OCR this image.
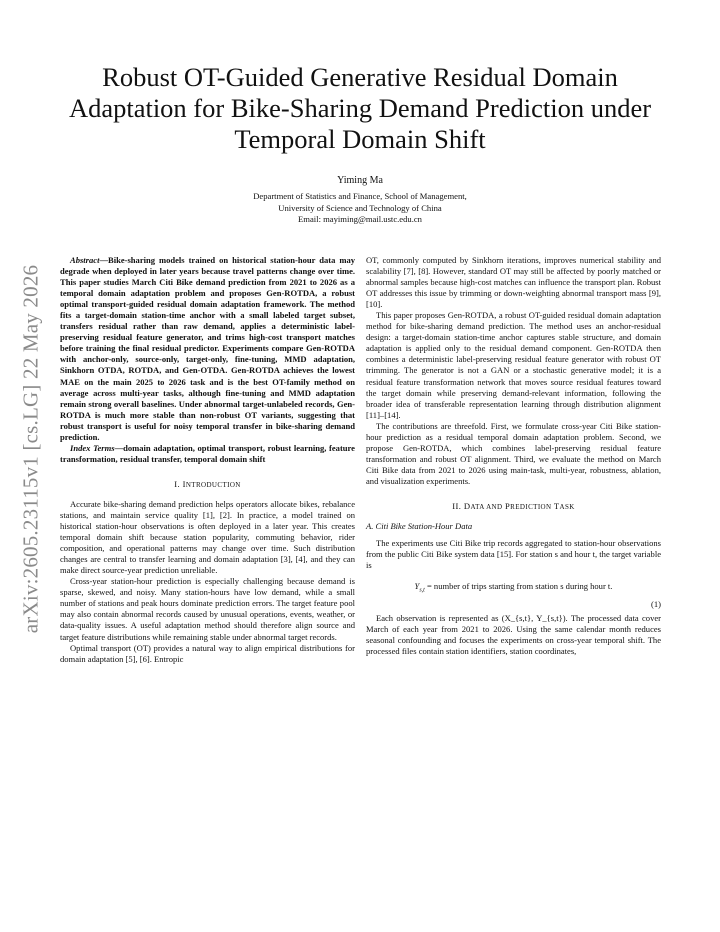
arXiv:2605.23115v1 [cs.LG] 22 May 2026
Robust OT-Guided Generative Residual Domain Adaptation for Bike-Sharing Demand Prediction under Temporal Domain Shift
Yiming Ma
Department of Statistics and Finance, School of Management,
University of Science and Technology of China
Email: mayiming@mail.ustc.edu.cn

Abstract—Bike-sharing models trained on historical station-hour data may degrade when deployed in later years because travel patterns change over time. This paper studies March Citi Bike demand prediction from 2021 to 2026 as a temporal domain adaptation problem and proposes Gen-ROTDA, a robust optimal transport-guided residual domain adaptation framework. The method fits a target-domain station-time anchor with a small labeled target subset, transfers residual rather than raw demand, applies a deterministic label-preserving residual feature generator, and trims high-cost transport matches before training the final residual predictor. Experiments compare Gen-ROTDA with anchor-only, source-only, target-only, fine-tuning, MMD adaptation, Sinkhorn OTDA, ROTDA, and Gen-OTDA. Gen-ROTDA achieves the lowest MAE on the main 2025 to 2026 task and is the best OT-family method on average across multi-year tasks, although fine-tuning and MMD adaptation remain strong overall baselines. Under abnormal target-unlabeled records, Gen-ROTDA is much more stable than non-robust OT variants, suggesting that robust transport is useful for noisy temporal transfer in bike-sharing demand prediction.

Index Terms—domain adaptation, optimal transport, robust learning, feature transformation, residual transfer, temporal domain shift

I. INTRODUCTION

Accurate bike-sharing demand prediction helps operators allocate bikes, rebalance stations, and maintain service quality [1], [2]. In practice, a model trained on historical station-hour observations is often deployed in a later year. This creates temporal domain shift because station popularity, commuting behavior, rider composition, and operational patterns may change over time. Such distribution changes are central to transfer learning and domain adaptation [3], [4], and they can make direct source-year prediction unreliable.

Cross-year station-hour prediction is especially challenging because demand is sparse, skewed, and noisy. Many station-hours have low demand, while a small number of stations and peak hours dominate prediction errors. The target feature pool may also contain abnormal records caused by unusual operations, events, weather, or data-quality issues. A useful adaptation method should therefore align source and target feature distributions while remaining stable under abnormal target records.

Optimal transport (OT) provides a natural way to align empirical distributions for domain adaptation [5], [6]. Entropic

OT, commonly computed by Sinkhorn iterations, improves numerical stability and scalability [7], [8]. However, standard OT may still be affected by poorly matched or abnormal samples because high-cost matches can influence the transport plan. Robust OT addresses this issue by trimming or down-weighting abnormal transport mass [9], [10].

This paper proposes Gen-ROTDA, a robust OT-guided residual domain adaptation method for bike-sharing demand prediction. The method uses an anchor-residual design: a target-domain station-time anchor captures stable structure, and domain adaptation is applied only to the residual demand component. Gen-ROTDA then combines a deterministic label-preserving residual feature generator with robust OT trimming. The generator is not a GAN or a stochastic generative model; it is a residual feature transformation network that moves source residual features toward the target domain while preserving demand-relevant information, following the broader idea of transferable representation learning through distribution alignment [11]–[14].

The contributions are threefold. First, we formulate cross-year Citi Bike station-hour prediction as a residual temporal domain adaptation problem. Second, we propose Gen-ROTDA, which combines label-preserving residual feature transformation and robust OT alignment. Third, we evaluate the method on March Citi Bike data from 2021 to 2026 using main-task, multi-year, robustness, ablation, and visualization experiments.

II. DATA AND PREDICTION TASK
A. Citi Bike Station-Hour Data

The experiments use Citi Bike trip records aggregated to station-hour observations from the public Citi Bike system data [15]. For station s and hour t, the target variable is

$Y_{s,t}$ = number of trips starting from station s during hour t.
(1)

Each observation is represented as (X_{s,t}, Y_{s,t}). The processed data cover March of each year from 2021 to 2026. Using the same calendar month reduces seasonal confounding and focuses the experiments on cross-year temporal shift. The processed files contain station identifiers, station coordinates,
